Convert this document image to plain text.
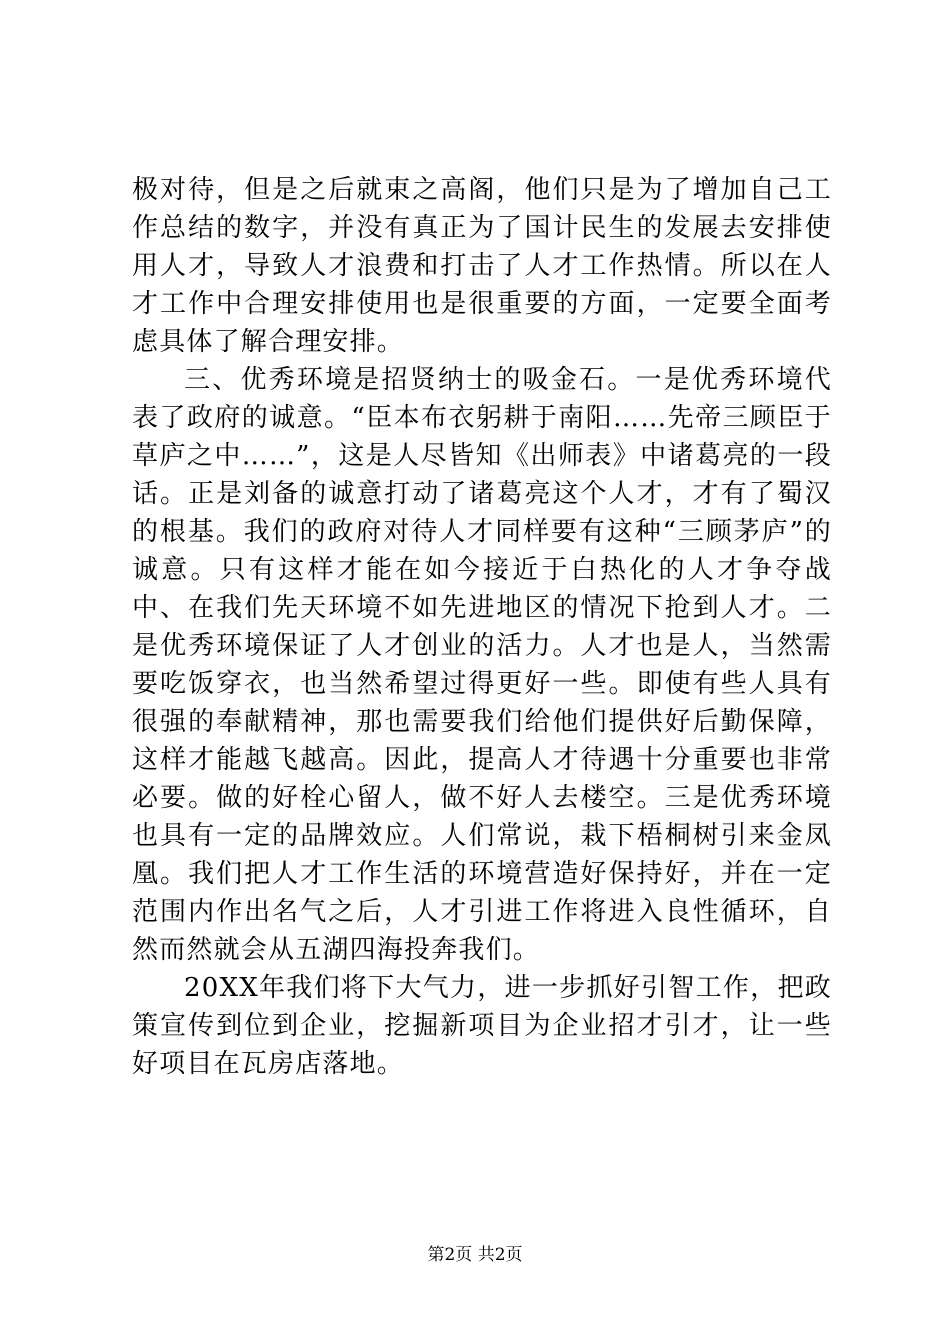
极对待，但是之后就束之高阁，他们只是为了增加自己工作总结的数字，并没有真正为了国计民生的发展去安排使用人才，导致人才浪费和打击了人才工作热情。所以在人才工作中合理安排使用也是很重要的方面，一定要全面考虑具体了解合理安排。

三、优秀环境是招贤纳士的吸金石。一是优秀环境代表了政府的诚意。“臣本布衣躬耕于南阳……先帝三顾臣于草庐之中……”，这是人尽皆知《出师表》中诸葛亮的一段话。正是刘备的诚意打动了诸葛亮这个人才，才有了蜀汉的根基。我们的政府对待人才同样要有这种“三顾茅庐”的诚意。只有这样才能在如今接近于白热化的人才争夺战中、在我们先天环境不如先进地区的情况下抢到人才。二是优秀环境保证了人才创业的活力。人才也是人，当然需要吃饭穿衣，也当然希望过得更好一些。即使有些人具有很强的奉献精神，那也需要我们给他们提供好后勤保障，这样才能越飞越高。因此，提高人才待遇十分重要也非常必要。做的好栓心留人，做不好人去楼空。三是优秀环境也具有一定的品牌效应。人们常说，栽下梧桐树引来金凤凰。我们把人才工作生活的环境营造好保持好，并在一定范围内作出名气之后，人才引进工作将进入良性循环，自然而然就会从五湖四海投奔我们。

20XX年我们将下大气力，进一步抓好引智工作，把政策宣传到位到企业，挖掘新项目为企业招才引才，让一些好项目在瓦房店落地。

第2页 共2页
